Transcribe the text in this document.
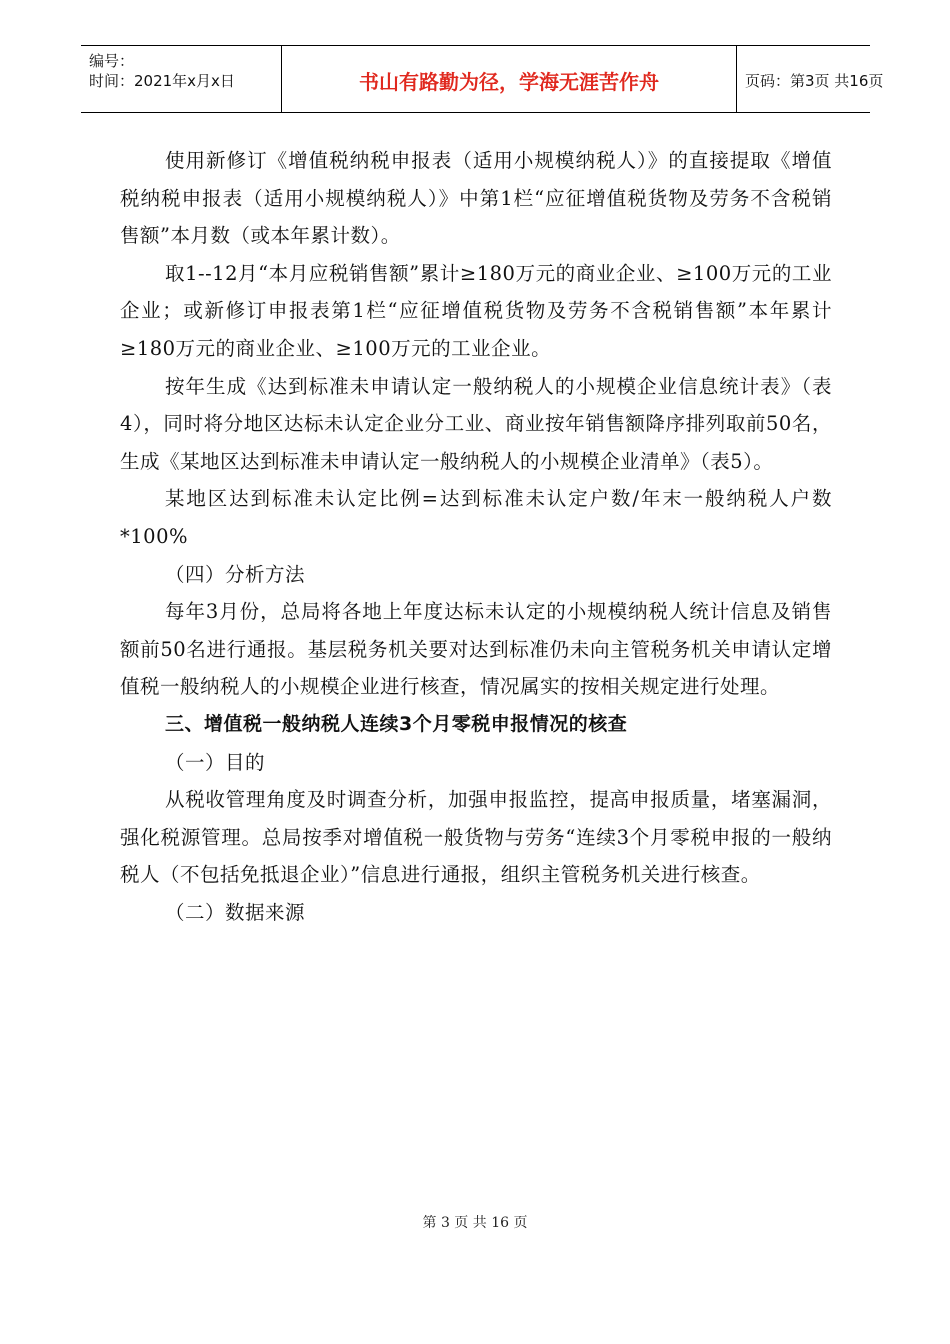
编号：
时间：2021年x月x日	书山有路勤为径，学海无涯苦作舟	页码：第3页 共16页

使用新修订《增值税纳税申报表（适用小规模纳税人）》的直接提取《增值税纳税申报表（适用小规模纳税人）》中第1栏“应征增值税货物及劳务不含税销售额”本月数（或本年累计数）。

取1--12月“本月应税销售额”累计≥180万元的商业企业、≥100万元的工业企业；或新修订申报表第1栏“应征增值税货物及劳务不含税销售额”本年累计≥180万元的商业企业、≥100万元的工业企业。

按年生成《达到标准未申请认定一般纳税人的小规模企业信息统计表》（表4），同时将分地区达标未认定企业分工业、商业按年销售额降序排列取前50名，生成《某地区达到标准未申请认定一般纳税人的小规模企业清单》（表5）。

某地区达到标准未认定比例=达到标准未认定户数/年末一般纳税人户数*100%

（四）分析方法

每年3月份，总局将各地上年度达标未认定的小规模纳税人统计信息及销售额前50名进行通报。基层税务机关要对达到标准仍未向主管税务机关申请认定增值税一般纳税人的小规模企业进行核查，情况属实的按相关规定进行处理。

三、增值税一般纳税人连续3个月零税申报情况的核查

（一）目的

从税收管理角度及时调查分析，加强申报监控，提高申报质量，堵塞漏洞，强化税源管理。总局按季对增值税一般货物与劳务“连续3个月零税申报的一般纳税人（不包括免抵退企业）”信息进行通报，组织主管税务机关进行核查。

（二）数据来源

第 3 页 共 16 页
